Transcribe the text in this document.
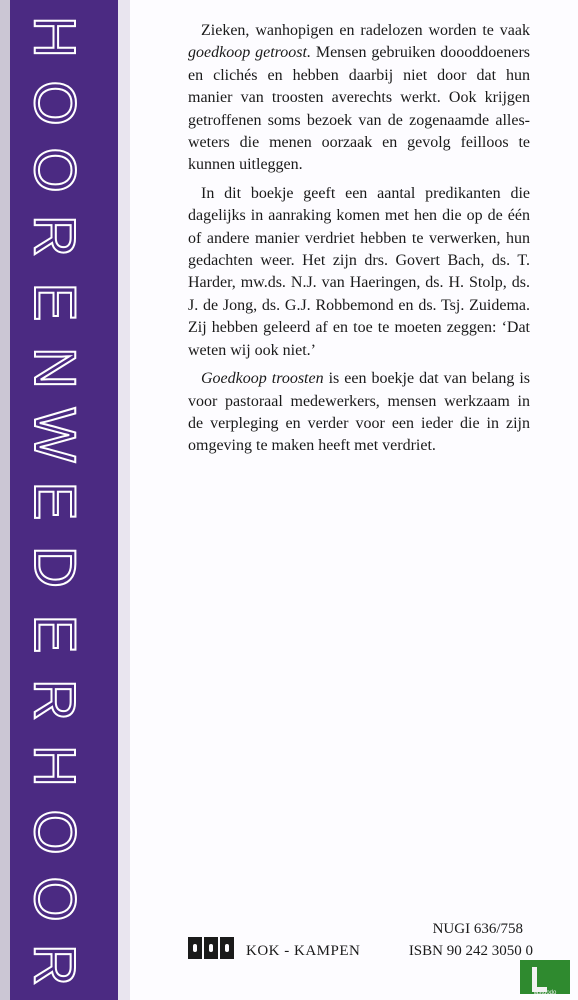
H
O
O
R
E
N
W
E
D
E
R
H
O
O
R

Zieken, wanhopigen en radelozen worden te vaak goedkoop getroost. Mensen gebruiken doooddoeners en clichés en hebben daarbij niet door dat hun manier van troosten averechts werkt. Ook krijgen getroffenen soms bezoek van de zogenaamde alles-weters die menen oorzaak en gevolg feilloos te kunnen uitleggen.

In dit boekje geeft een aantal predikanten die dagelijks in aanraking komen met hen die op de één of andere manier verdriet hebben te verwerken, hun gedachten weer. Het zijn drs. Govert Bach, ds. T. Harder, mw.ds. N.J. van Haeringen, ds. H. Stolp, ds. J. de Jong, ds. G.J. Robbemond en ds. Tsj. Zuidema. Zij hebben geleerd af en toe te moeten zeggen: ‘Dat weten wij ook niet.’

Goedkoop troosten is een boekje dat van belang is voor pastoraal medewerkers, mensen werkzaam in de verpleging en verder voor een ieder die in zijn omgeving te maken heeft met verdriet.

KOK - KAMPEN
NUGI 636/758
ISBN 90 242 3050 0
lastdodo
